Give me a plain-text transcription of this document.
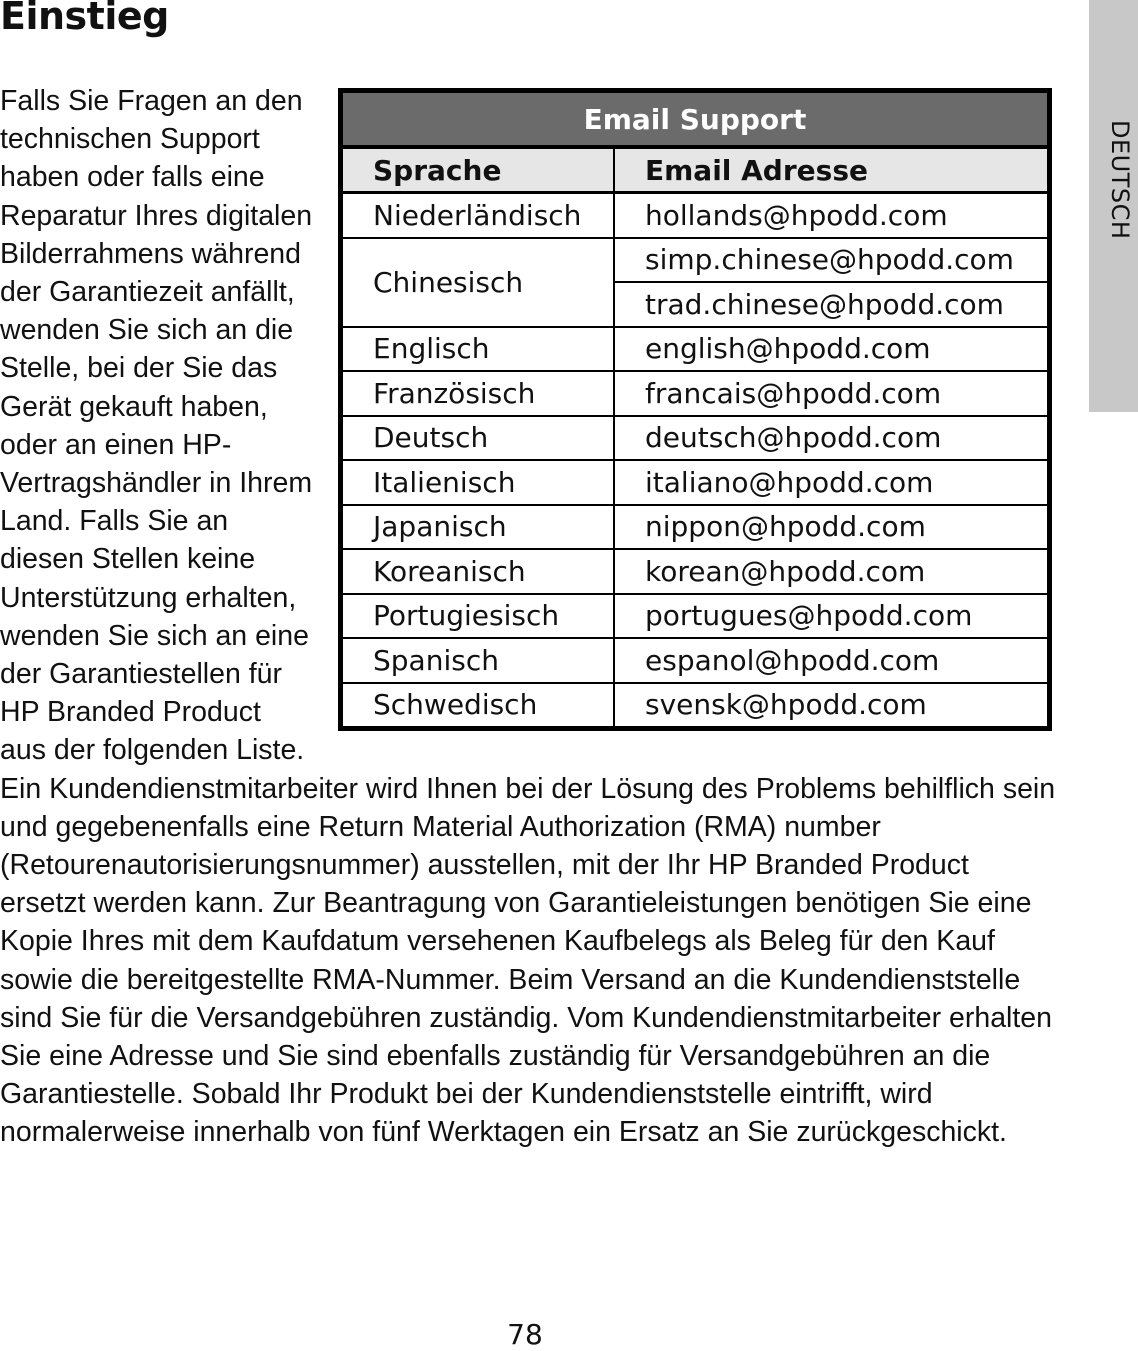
Einstieg
DEUTSCH
Email Support	
Sprache	Email Adresse
Niederländisch	hollands@hpodd.com
Chinesisch	simp.chinese@hpodd.com
	trad.chinese@hpodd.com
Englisch	english@hpodd.com
Französisch	francais@hpodd.com
Deutsch	deutsch@hpodd.com
Italienisch	italiano@hpodd.com
Japanisch	nippon@hpodd.com
Koreanisch	korean@hpodd.com
Portugiesisch	portugues@hpodd.com
Spanisch	espanol@hpodd.com
Schwedisch	svensk@hpodd.com

Falls Sie Fragen an den technischen Support haben oder falls eine Reparatur Ihres digitalen Bilderrahmens während der Garantiezeit anfällt, wenden Sie sich an die Stelle, bei der Sie das Gerät gekauft haben, oder an einen HP-Vertragshändler in Ihrem Land. Falls Sie an diesen Stellen keine Unterstützung erhalten, wenden Sie sich an eine der Garantiestellen für HP Branded Product aus der folgenden Liste. Ein Kundendienstmitarbeiter wird Ihnen bei der Lösung des Problems behilflich sein und gegebenenfalls eine Return Material Authorization (RMA) number (Retourenautorisierungsnummer) ausstellen, mit der Ihr HP Branded Product ersetzt werden kann. Zur Beantragung von Garantieleistungen benötigen Sie eine Kopie Ihres mit dem Kaufdatum versehenen Kaufbelegs als Beleg für den Kauf sowie die bereitgestellte RMA-Nummer. Beim Versand an die Kundendienststelle sind Sie für die Versandgebühren zuständig. Vom Kundendienstmitarbeiter erhalten Sie eine Adresse und Sie sind ebenfalls zuständig für Versandgebühren an die Garantiestelle. Sobald Ihr Produkt bei der Kundendienststelle eintrifft, wird normalerweise innerhalb von fünf Werktagen ein Ersatz an Sie zurückgeschickt.

78
